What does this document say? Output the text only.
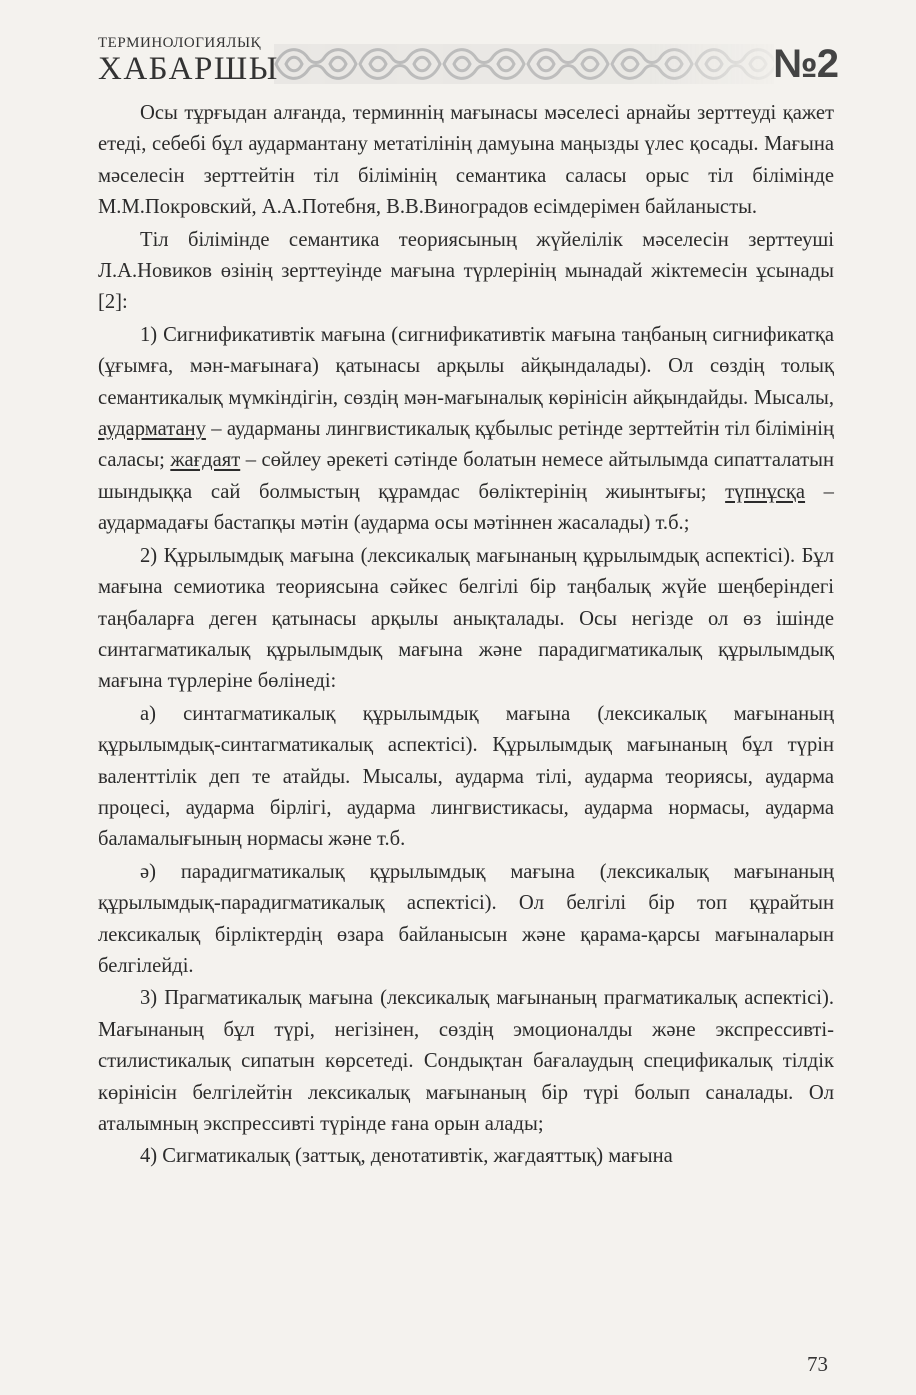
ТЕРМИНОЛОГИЯЛЫҚ
ХАБАРШЫ	№2

Осы тұрғыдан алғанда, терминнің мағынасы мәселесі арнайы зерттеуді қажет етеді, себебі бұл аудармантану метатілінің дамуына маңызды үлес қосады. Мағына мәселесін зерттейтін тіл білімінің семантика саласы орыс тіл білімінде М.М.Покровский, А.А.Потебня, В.В.Виноградов есімдерімен байланысты.

Тіл білімінде семантика теориясының жүйелілік мәселесін зерттеуші Л.А.Новиков өзінің зерттеуінде мағына түрлерінің мынадай жіктемесін ұсынады [2]:

1) Сигнификативтік мағына (сигнификативтік мағына таңбаның сигнификатқа (ұғымға, мән-мағынаға) қатынасы арқылы айқындалады). Ол сөздің толық семантикалық мүмкіндігін, сөздің мән-мағыналық көрінісін айқындайды. Мысалы, аударматану – аударманы лингвистикалық құбылыс ретінде зерттейтін тіл білімінің саласы; жағдаят – сөйлеу әрекеті сәтінде болатын немесе айтылымда сипатталатын шындыққа сай болмыстың құрамдас бөліктерінің жиынтығы; түпнұсқа – аудармадағы бастапқы мәтін (аударма осы мәтіннен жасалады) т.б.;

2) Құрылымдық мағына (лексикалық мағынаның құрылымдық аспектісі). Бұл мағына семиотика теориясына сәйкес белгілі бір таңбалық жүйе шеңберіндегі таңбаларға деген қатынасы арқылы анықталады. Осы негізде ол өз ішінде синтагматикалық құрылымдық мағына және парадигматикалық құрылымдық мағына түрлеріне бөлінеді:

а) синтагматикалық құрылымдық мағына (лексикалық мағынаның құрылымдық-синтагматикалық аспектісі). Құрылымдық мағынаның бұл түрін валенттілік деп те атайды. Мысалы, аударма тілі, аударма теориясы, аударма процесі, аударма бірлігі, аударма лингвистикасы, аударма нормасы, аударма баламалығының нормасы және т.б.

ә) парадигматикалық құрылымдық мағына (лексикалық мағынаның құрылымдық-парадигматикалық аспектісі). Ол белгілі бір топ құрайтын лексикалық бірліктердің өзара байланысын және қарама-қарсы мағыналарын белгілейді.

3) Прагматикалық мағына (лексикалық мағынаның прагматикалық аспектісі). Мағынаның бұл түрі, негізінен, сөздің эмоционалды және экспрессивті-стилистикалық сипатын көрсетеді. Сондықтан бағалаудың спецификалық тілдік көрінісін белгілейтін лексикалық мағынаның бір түрі болып саналады. Ол аталымның экспрессивті түрінде ғана орын алады;

4) Сигматикалық (заттық, денотативтік, жағдаяттық) мағына

73
